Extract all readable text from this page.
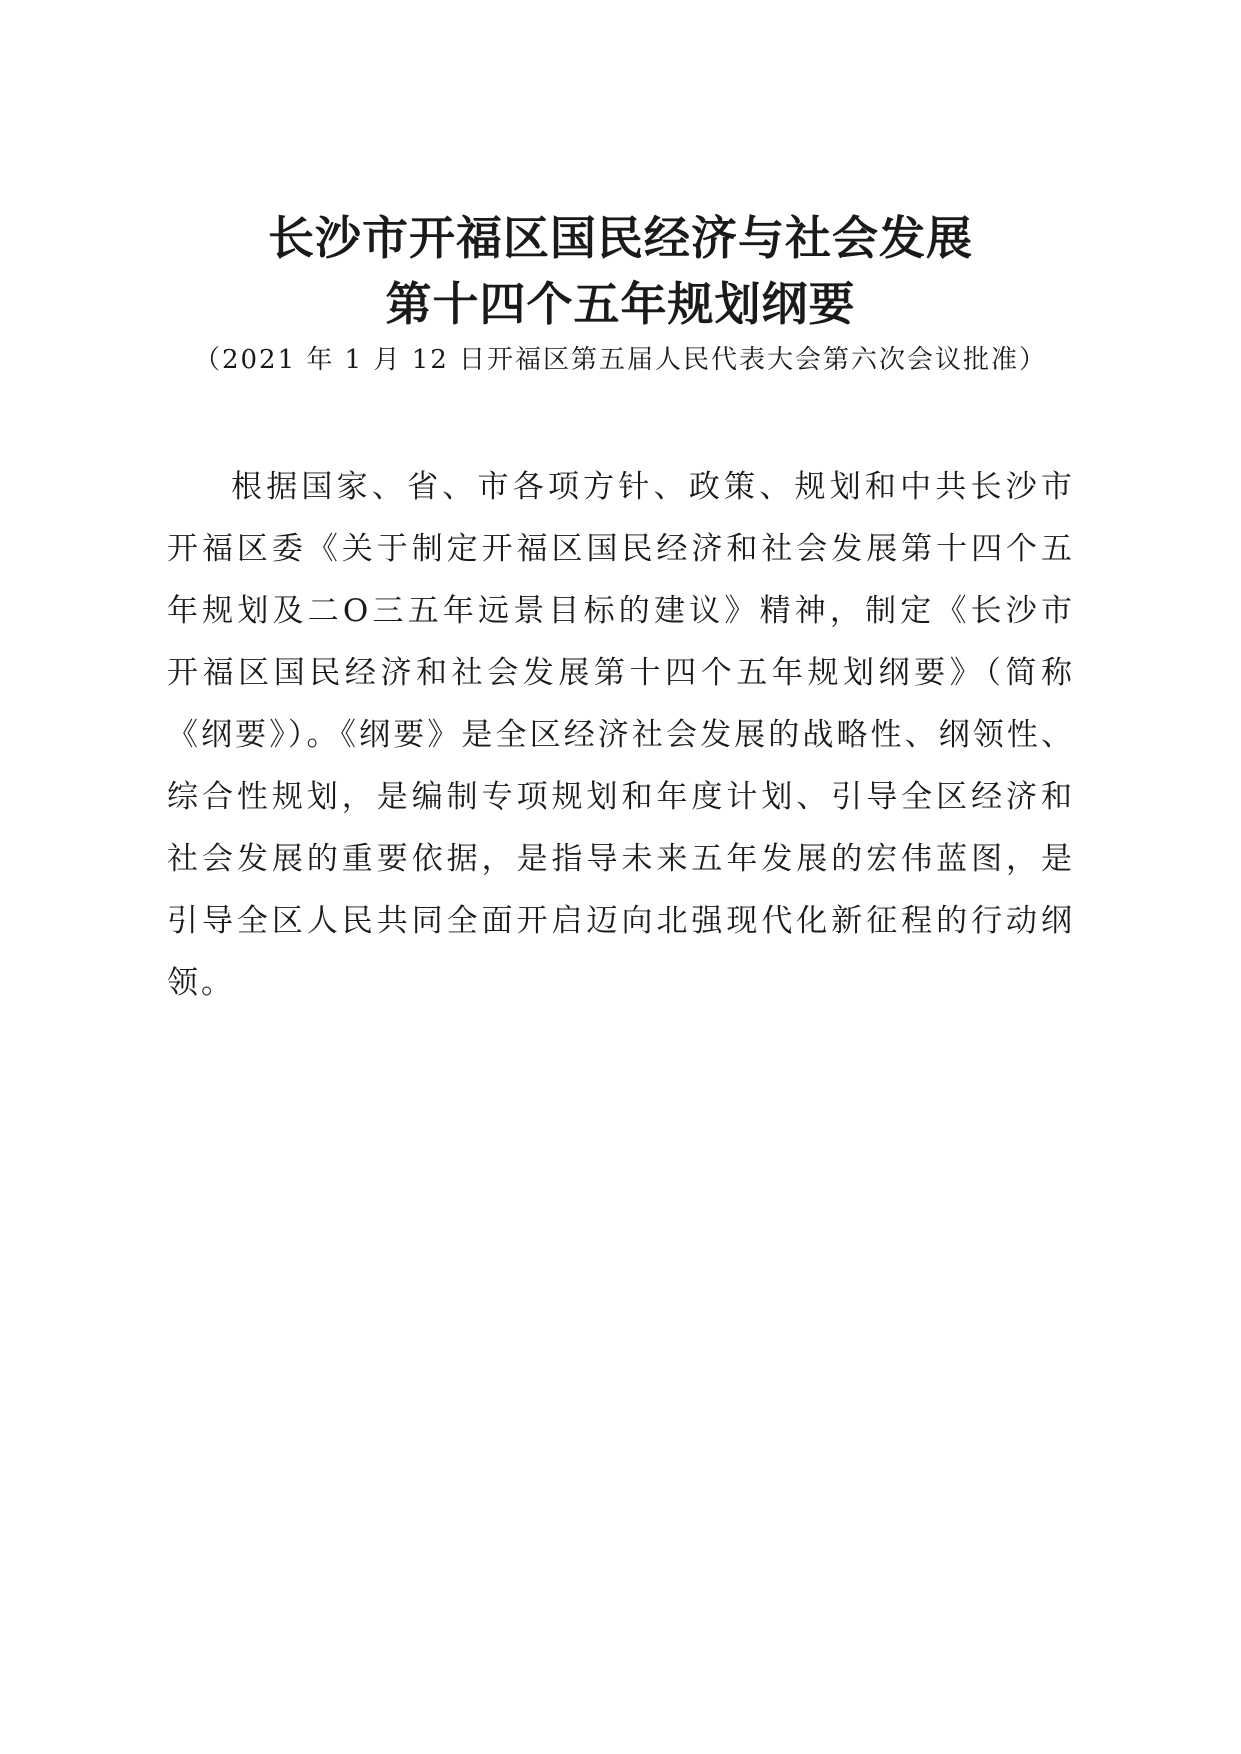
长沙市开福区国民经济与社会发展
第十四个五年规划纲要

（2021 年 1 月 12 日开福区第五届人民代表大会第六次会议批准）

根据国家、省、市各项方针、政策、规划和中共长沙市开福区委《关于制定开福区国民经济和社会发展第十四个五年规划及二O三五年远景目标的建议》精神，制定《长沙市开福区国民经济和社会发展第十四个五年规划纲要》（简称《纲要》）。《纲要》是全区经济社会发展的战略性、纲领性、综合性规划，是编制专项规划和年度计划、引导全区经济和社会发展的重要依据，是指导未来五年发展的宏伟蓝图，是引导全区人民共同全面开启迈向北强现代化新征程的行动纲领。
